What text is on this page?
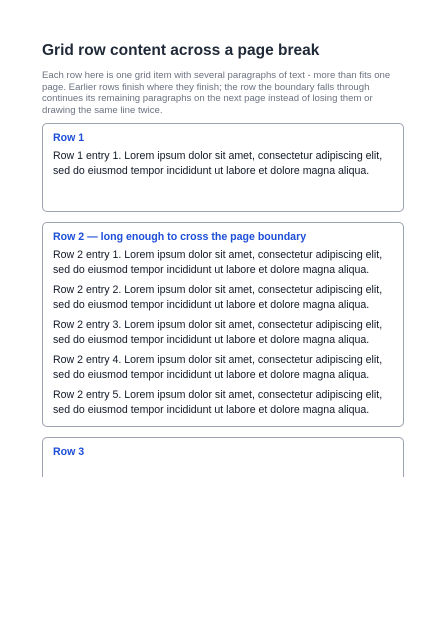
Grid row content across a page break

Each row here is one grid item with several paragraphs of text - more than fits one page. Earlier rows finish where they finish; the row the boundary falls through continues its remaining paragraphs on the next page instead of losing them or drawing the same line twice.

Row 1

Row 1 entry 1. Lorem ipsum dolor sit amet, consectetur adipiscing elit, sed do eiusmod tempor incididunt ut labore et dolore magna aliqua.

Row 2 — long enough to cross the page boundary

Row 2 entry 1. Lorem ipsum dolor sit amet, consectetur adipiscing elit, sed do eiusmod tempor incididunt ut labore et dolore magna aliqua.

Row 2 entry 2. Lorem ipsum dolor sit amet, consectetur adipiscing elit, sed do eiusmod tempor incididunt ut labore et dolore magna aliqua.

Row 2 entry 3. Lorem ipsum dolor sit amet, consectetur adipiscing elit, sed do eiusmod tempor incididunt ut labore et dolore magna aliqua.

Row 2 entry 4. Lorem ipsum dolor sit amet, consectetur adipiscing elit, sed do eiusmod tempor incididunt ut labore et dolore magna aliqua.

Row 2 entry 5. Lorem ipsum dolor sit amet, consectetur adipiscing elit, sed do eiusmod tempor incididunt ut labore et dolore magna aliqua.

Row 3
